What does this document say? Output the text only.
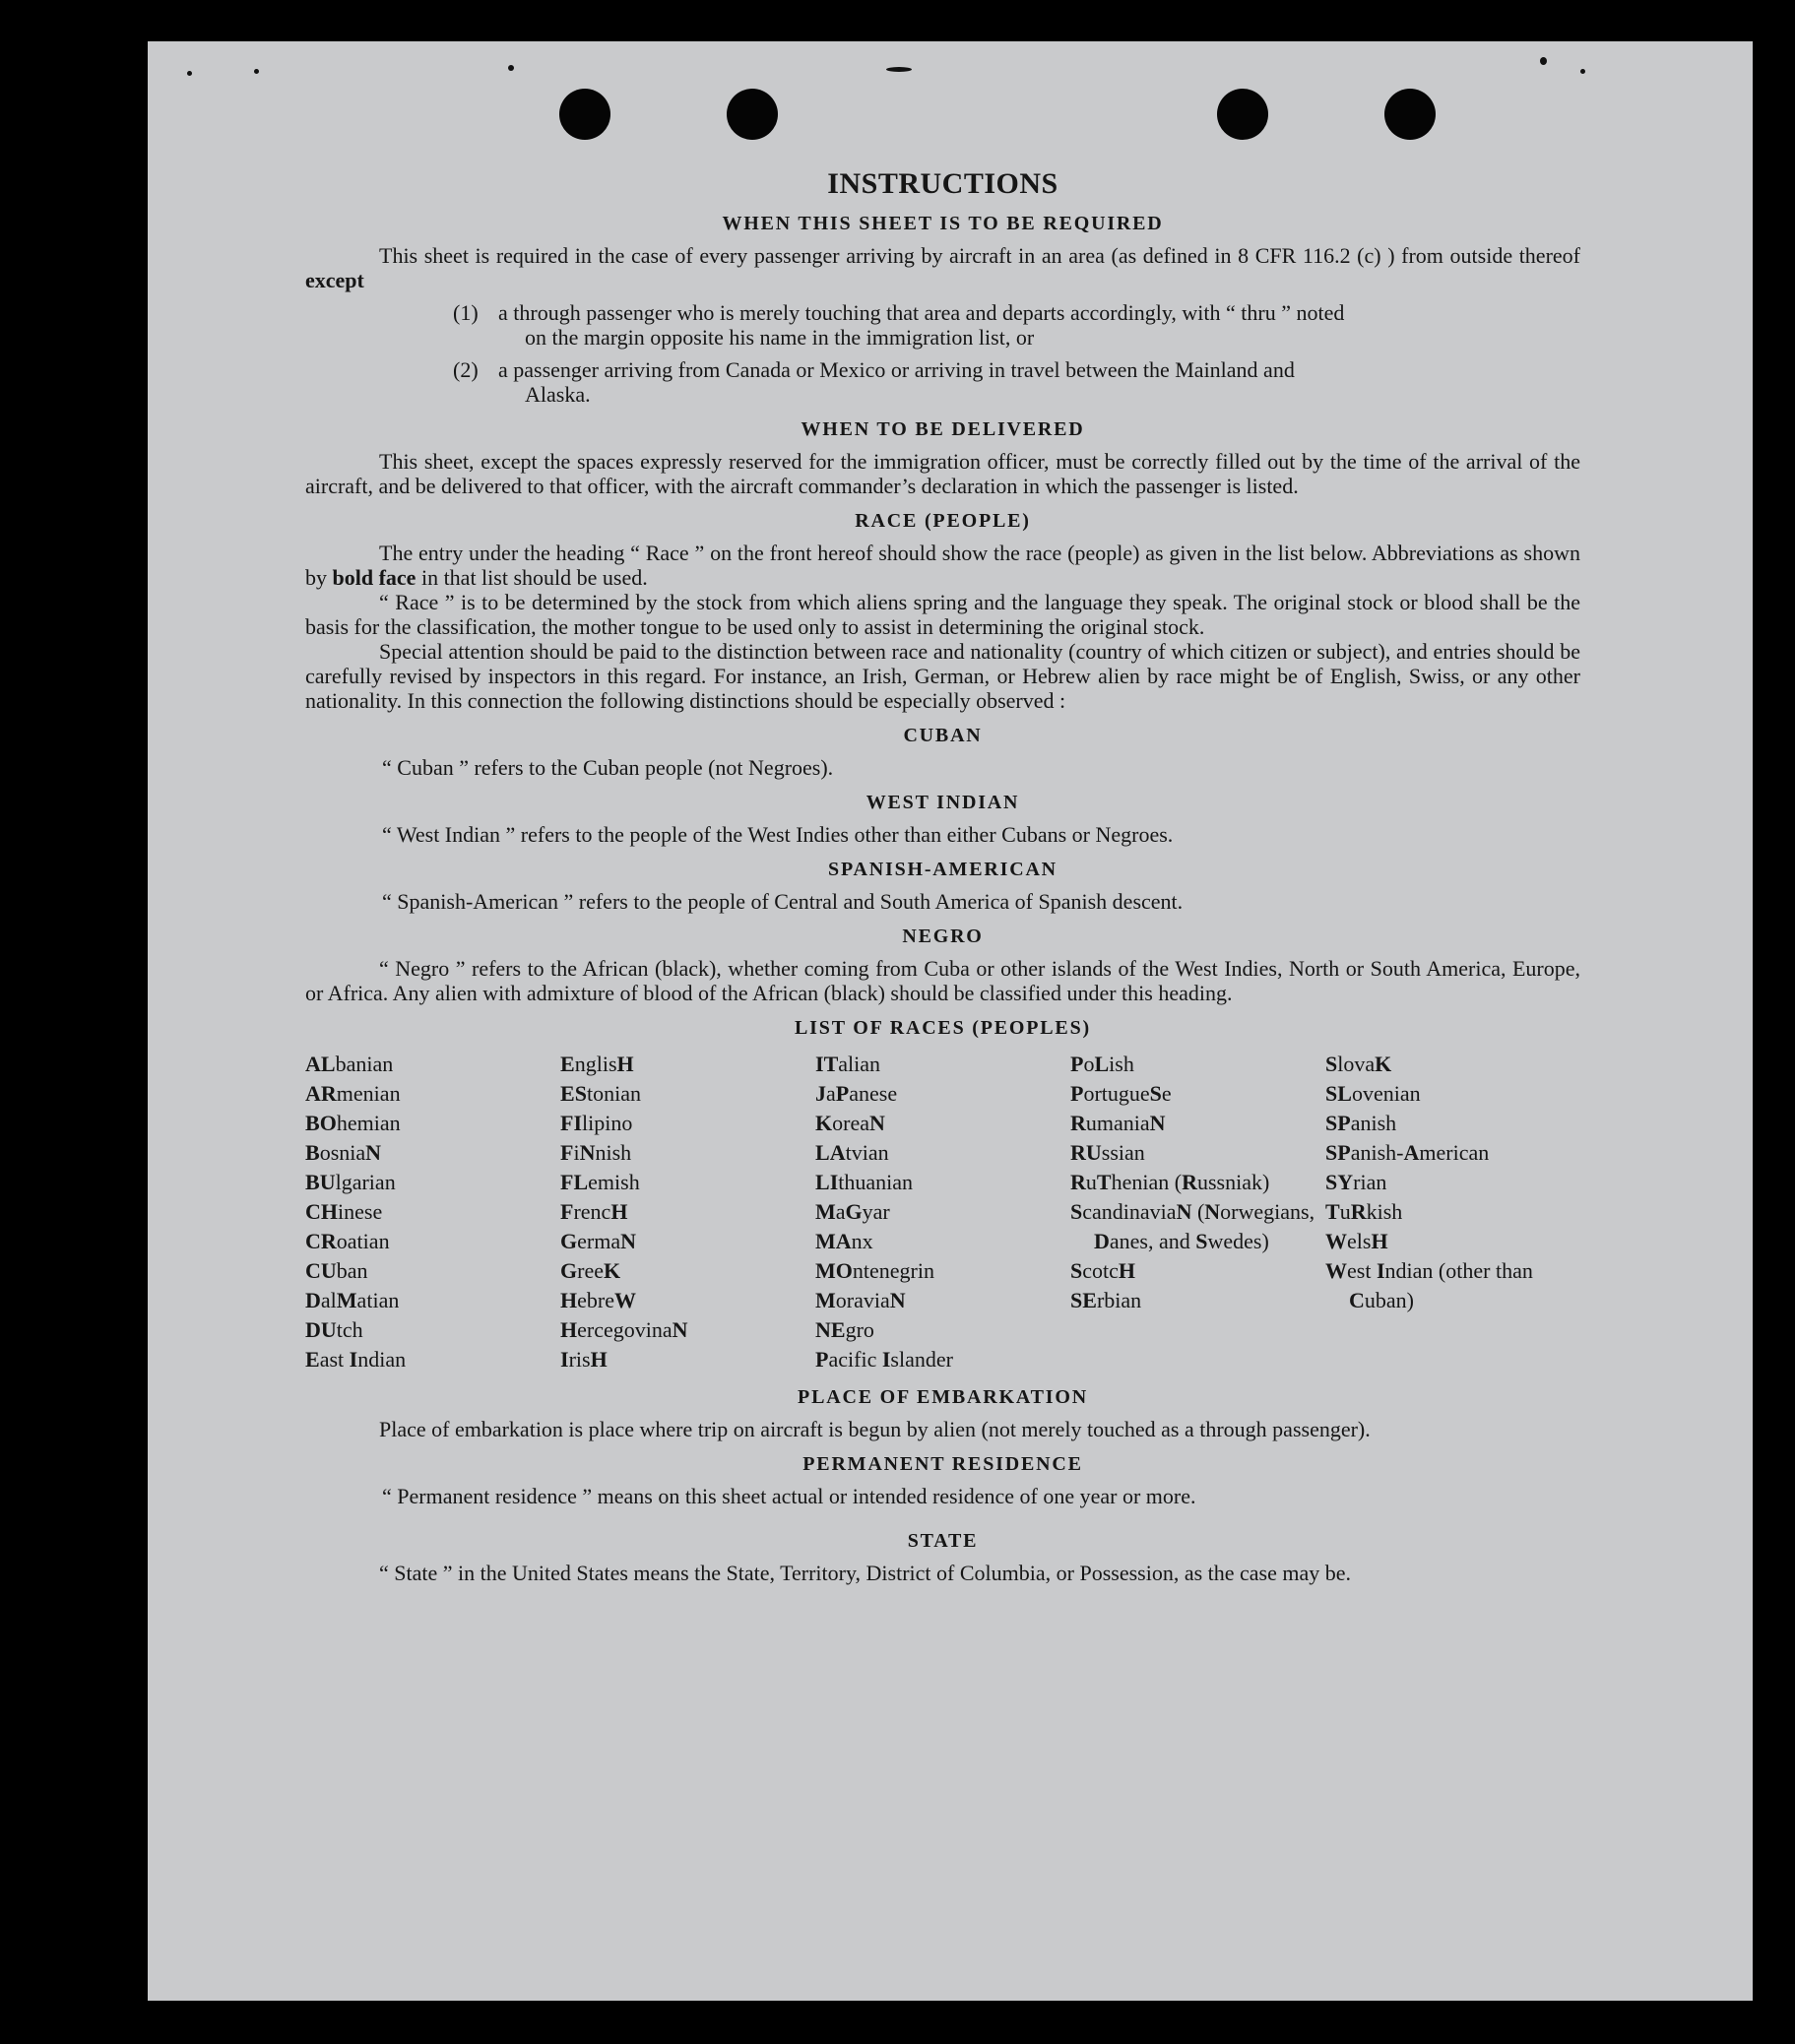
INSTRUCTIONS
WHEN THIS SHEET IS TO BE REQUIRED

This sheet is required in the case of every passenger arriving by aircraft in an area (as defined in 8 CFR 116.2 (c) ) from outside thereof except

(1) a through passenger who is merely touching that area and departs accordingly, with “ thru ” noted
on the margin opposite his name in the immigration list, or
(2) a passenger arriving from Canada or Mexico or arriving in travel between the Mainland and
Alaska.
WHEN TO BE DELIVERED

This sheet, except the spaces expressly reserved for the immigration officer, must be correctly filled out by the time of the arrival of the aircraft, and be delivered to that officer, with the aircraft commander’s declaration in which the passenger is listed.

RACE (PEOPLE)

The entry under the heading “ Race ” on the front hereof should show the race (people) as given in the list below. Abbreviations as shown by bold face in that list should be used.

“ Race ” is to be determined by the stock from which aliens spring and the language they speak. The original stock or blood shall be the basis for the classification, the mother tongue to be used only to assist in determining the original stock.

Special attention should be paid to the distinction between race and nationality (country of which citizen or subject), and entries should be carefully revised by inspectors in this regard. For instance, an Irish, German, or Hebrew alien by race might be of English, Swiss, or any other nationality. In this connection the following distinctions should be especially observed :

CUBAN

“ Cuban ” refers to the Cuban people (not Negroes).

WEST INDIAN

“ West Indian ” refers to the people of the West Indies other than either Cubans or Negroes.

SPANISH-AMERICAN

“ Spanish-American ” refers to the people of Central and South America of Spanish descent.

NEGRO

“ Negro ” refers to the African (black), whether coming from Cuba or other islands of the West Indies, North or South America, Europe, or Africa. Any alien with admixture of blood of the African (black) should be classified under this heading.

LIST OF RACES (PEOPLES)
ALbanian
ARmenian
BOhemian
BosniaN
BUlgarian
CHinese
CRoatian
CUban
DalMatian
DUtch
East Indian
EnglisH
EStonian
FIlipino
FiNnish
FLemish
FrencH
GermaN
GreeK
HebreW
HercegovinaN
IrisH
ITalian
JaPanese
KoreaN
LAtvian
LIthuanian
MaGyar
MAnx
MOntenegrin
MoraviaN
NEgro
Pacific Islander
PoLish
PortugueSe
RumaniaN
RUssian
RuThenian (Russniak)
ScandinaviaN (Norwegians, Danes, and Swedes)
ScotcH
SErbian
SlovaK
SLovenian
SPanish
SPanish-American
SYrian
TuRkish
WelsH
West Indian (other than Cuban)
PLACE OF EMBARKATION

Place of embarkation is place where trip on aircraft is begun by alien (not merely touched as a through passenger).

PERMANENT RESIDENCE

“ Permanent residence ” means on this sheet actual or intended residence of one year or more.

STATE

“ State ” in the United States means the State, Territory, District of Columbia, or Possession, as the case may be.
